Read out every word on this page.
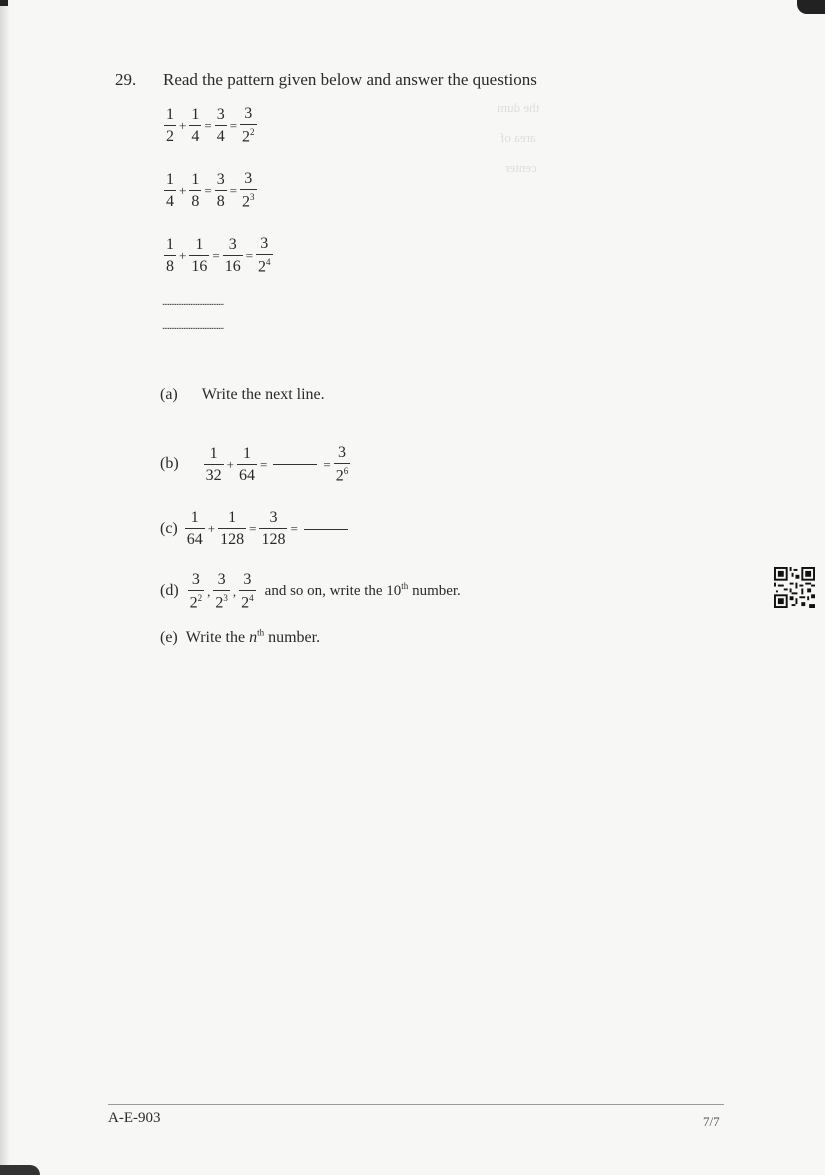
the dum
area of
center
29. Read the pattern given below and answer the questions
$\frac{1}{2} + \frac{1}{4} = \frac{3}{4} = \frac{3}{2^2}$
$\frac{1}{4} + \frac{1}{8} = \frac{3}{8} = \frac{3}{2^3}$
$\frac{1}{8} + \frac{1}{16} = \frac{3}{16} = \frac{3}{2^4}$
...................................
...................................
(a) Write the next line.
$(b) \frac{1}{32} + \frac{1}{64}$ =	= $\frac{3}{2^6}$
$(c) \frac{1}{64} + \frac{1}{128} = \frac{3}{128}$ =
$(d) \frac{3}{2^2}$ , $\frac{3}{2^3}$ , $\frac{3}{2^4}$ and so on, write the 10th number.
(e) Write the $n^{th}$ number.
A-E-903	7/7
